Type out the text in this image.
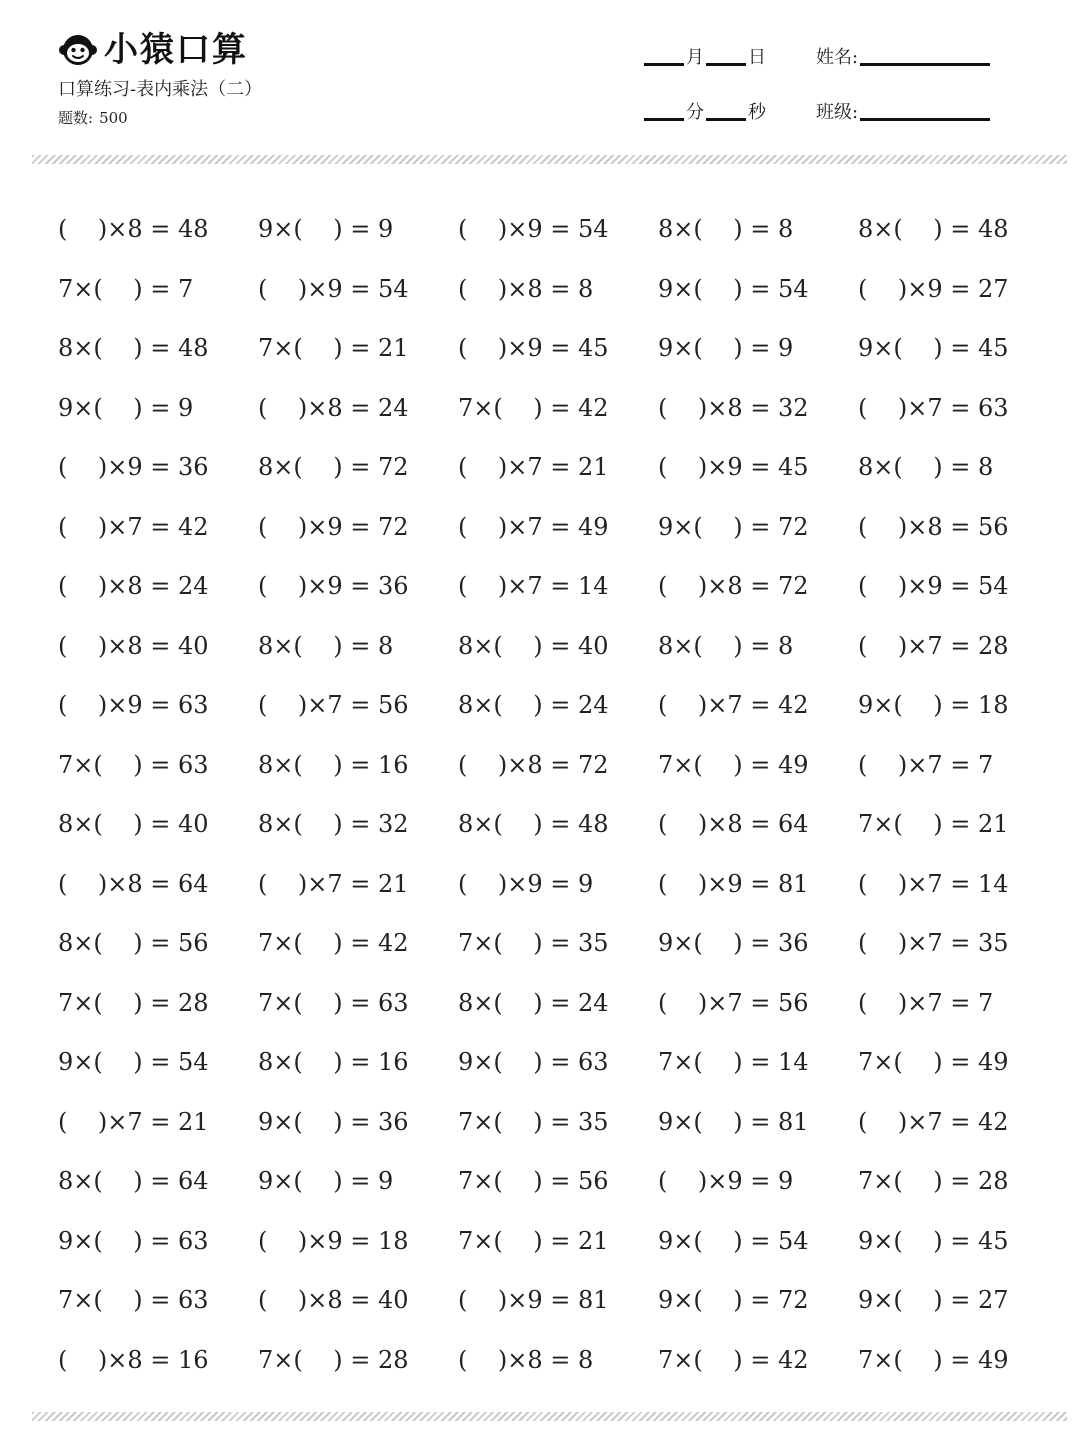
小猿口算
口算练习-表内乘法（二）
题数: 500
月 日	姓名:
分 秒	班级:
(    )×8 = 48	9×(    ) = 9	(    )×9 = 54	8×(    ) = 8	8×(    ) = 48
7×(    ) = 7	(    )×9 = 54	(    )×8 = 8	9×(    ) = 54	(    )×9 = 27
8×(    ) = 48	7×(    ) = 21	(    )×9 = 45	9×(    ) = 9	9×(    ) = 45
9×(    ) = 9	(    )×8 = 24	7×(    ) = 42	(    )×8 = 32	(    )×7 = 63
(    )×9 = 36	8×(    ) = 72	(    )×7 = 21	(    )×9 = 45	8×(    ) = 8
(    )×7 = 42	(    )×9 = 72	(    )×7 = 49	9×(    ) = 72	(    )×8 = 56
(    )×8 = 24	(    )×9 = 36	(    )×7 = 14	(    )×8 = 72	(    )×9 = 54
(    )×8 = 40	8×(    ) = 8	8×(    ) = 40	8×(    ) = 8	(    )×7 = 28
(    )×9 = 63	(    )×7 = 56	8×(    ) = 24	(    )×7 = 42	9×(    ) = 18
7×(    ) = 63	8×(    ) = 16	(    )×8 = 72	7×(    ) = 49	(    )×7 = 7
8×(    ) = 40	8×(    ) = 32	8×(    ) = 48	(    )×8 = 64	7×(    ) = 21
(    )×8 = 64	(    )×7 = 21	(    )×9 = 9	(    )×9 = 81	(    )×7 = 14
8×(    ) = 56	7×(    ) = 42	7×(    ) = 35	9×(    ) = 36	(    )×7 = 35
7×(    ) = 28	7×(    ) = 63	8×(    ) = 24	(    )×7 = 56	(    )×7 = 7
9×(    ) = 54	8×(    ) = 16	9×(    ) = 63	7×(    ) = 14	7×(    ) = 49
(    )×7 = 21	9×(    ) = 36	7×(    ) = 35	9×(    ) = 81	(    )×7 = 42
8×(    ) = 64	9×(    ) = 9	7×(    ) = 56	(    )×9 = 9	7×(    ) = 28
9×(    ) = 63	(    )×9 = 18	7×(    ) = 21	9×(    ) = 54	9×(    ) = 45
7×(    ) = 63	(    )×8 = 40	(    )×9 = 81	9×(    ) = 72	9×(    ) = 27
(    )×8 = 16	7×(    ) = 28	(    )×8 = 8	7×(    ) = 42	7×(    ) = 49
